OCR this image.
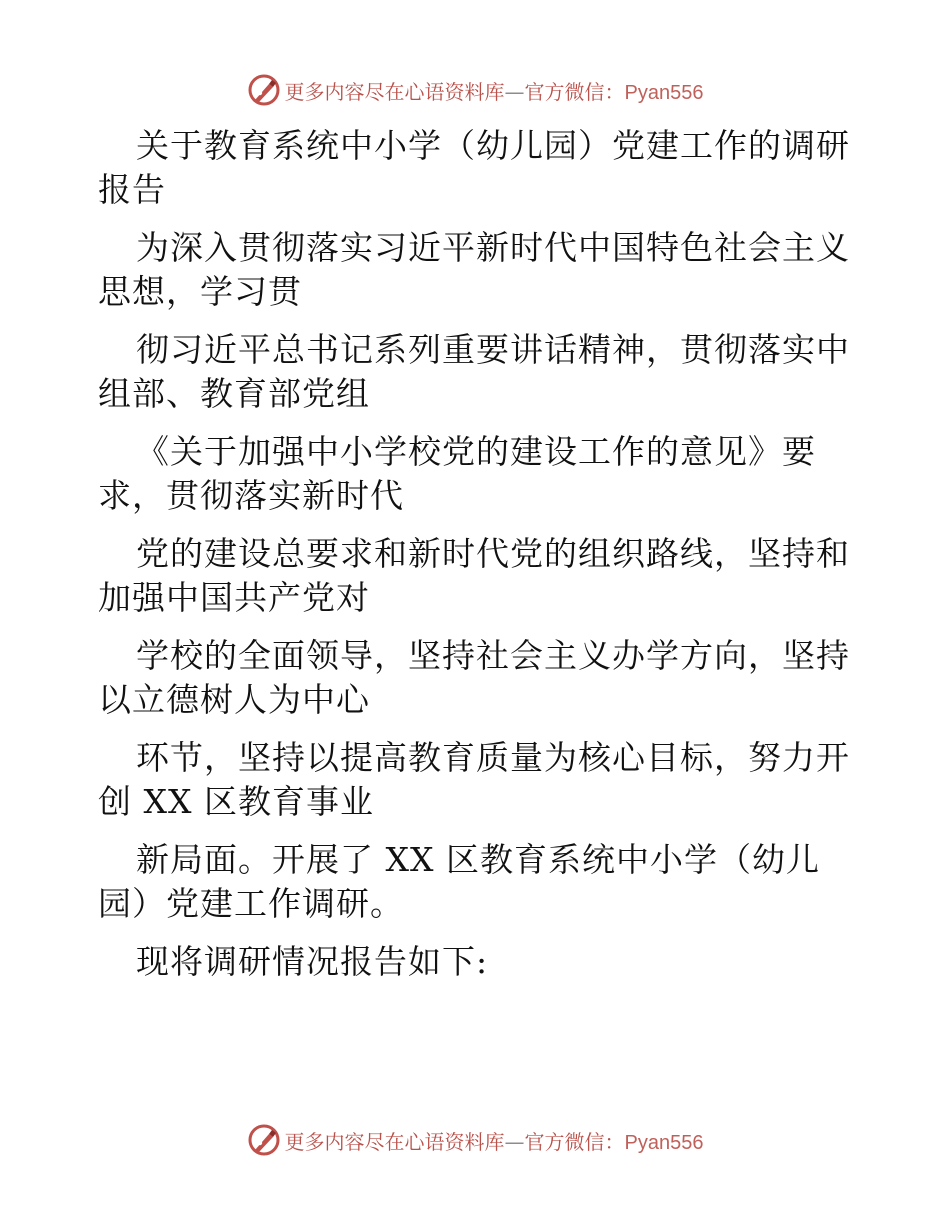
更多内容尽在心语资料库—官方微信：Pyan556

关于教育系统中小学（幼儿园）党建工作的调研

报告

为深入贯彻落实习近平新时代中国特色社会主义

思想，学习贯

彻习近平总书记系列重要讲话精神，贯彻落实中

组部、教育部党组

《关于加强中小学校党的建设工作的意见》要

求，贯彻落实新时代

党的建设总要求和新时代党的组织路线，坚持和

加强中国共产党对

学校的全面领导，坚持社会主义办学方向，坚持

以立德树人为中心

环节，坚持以提高教育质量为核心目标，努力开

创 XX 区教育事业

新局面。开展了 XX 区教育系统中小学（幼儿

园）党建工作调研。

现将调研情况报告如下:

更多内容尽在心语资料库—官方微信：Pyan556
